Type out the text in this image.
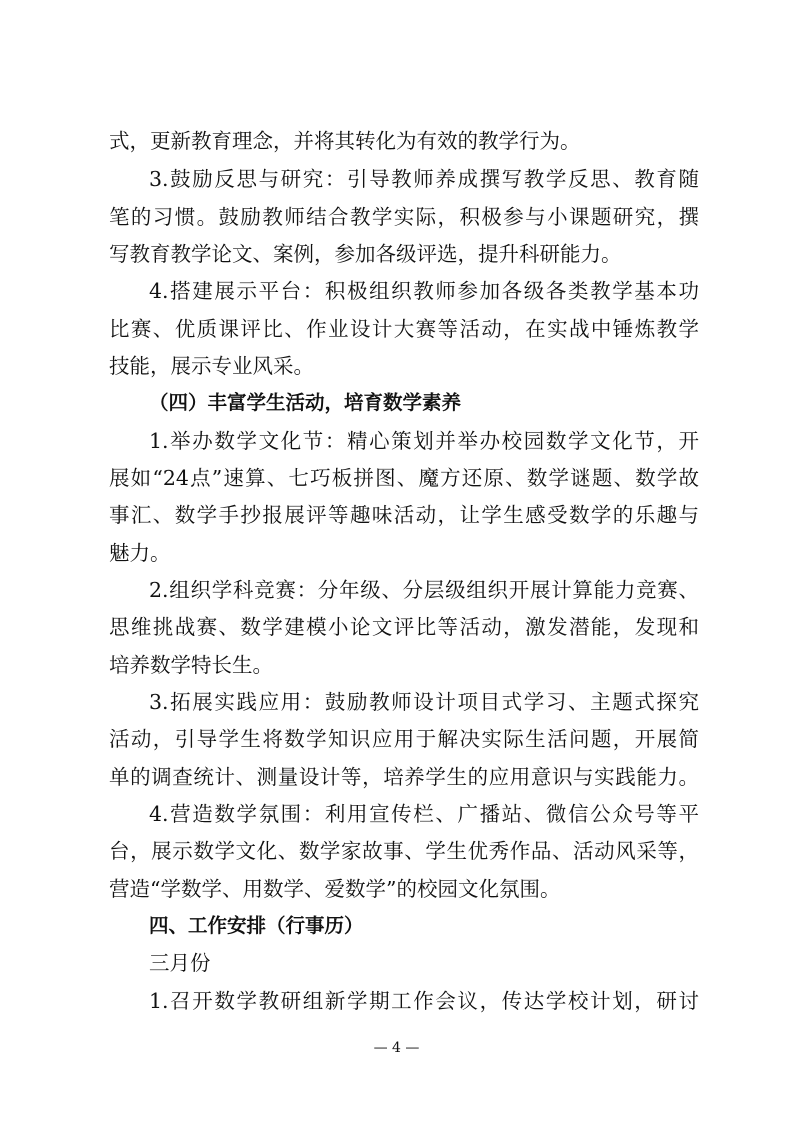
式，更新教育理念，并将其转化为有效的教学行为。
3.鼓励反思与研究：引导教师养成撰写教学反思、教育随
笔的习惯。鼓励教师结合教学实际，积极参与小课题研究，撰
写教育教学论文、案例，参加各级评选，提升科研能力。
4.搭建展示平台：积极组织教师参加各级各类教学基本功
比赛、优质课评比、作业设计大赛等活动，在实战中锤炼教学
技能，展示专业风采。
（四）丰富学生活动，培育数学素养
1.举办数学文化节：精心策划并举办校园数学文化节，开
展如“24点”速算、七巧板拼图、魔方还原、数学谜题、数学故
事汇、数学手抄报展评等趣味活动，让学生感受数学的乐趣与
魅力。
2.组织学科竞赛：分年级、分层级组织开展计算能力竞赛、
思维挑战赛、数学建模小论文评比等活动，激发潜能，发现和
培养数学特长生。
3.拓展实践应用：鼓励教师设计项目式学习、主题式探究
活动，引导学生将数学知识应用于解决实际生活问题，开展简
单的调查统计、测量设计等，培养学生的应用意识与实践能力。
4.营造数学氛围：利用宣传栏、广播站、微信公众号等平
台，展示数学文化、数学家故事、学生优秀作品、活动风采等，
营造“学数学、用数学、爱数学”的校园文化氛围。
四、工作安排（行事历）
三月份
1.召开数学教研组新学期工作会议，传达学校计划，研讨
— 4 —
